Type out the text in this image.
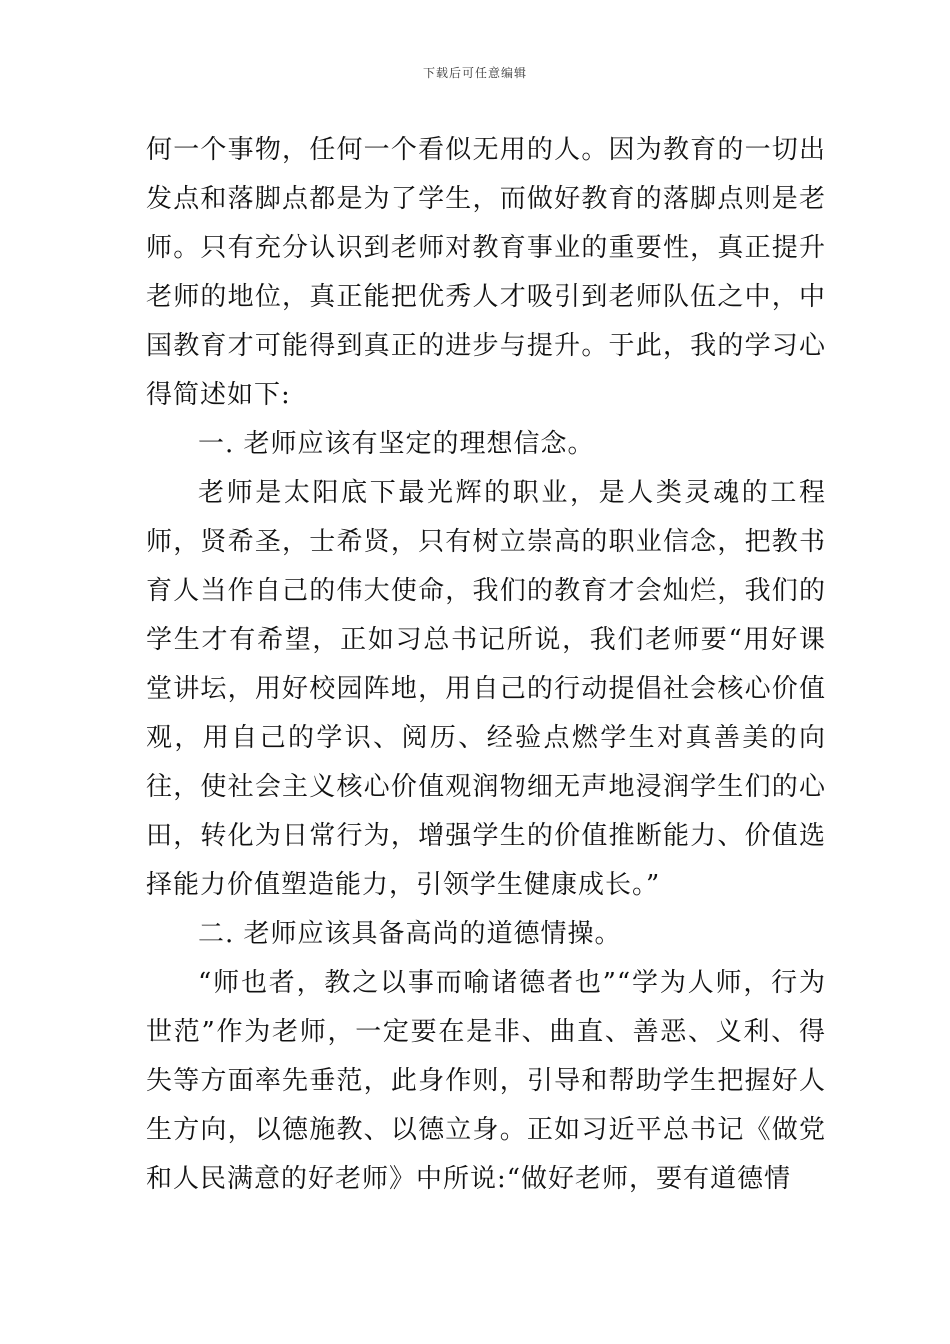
下载后可任意编辑

何一个事物，任何一个看似无用的人。因为教育的一切出发点和落脚点都是为了学生，而做好教育的落脚点则是老师。只有充分认识到老师对教育事业的重要性，真正提升老师的地位，真正能把优秀人才吸引到老师队伍之中，中国教育才可能得到真正的进步与提升。于此，我的学习心得简述如下:

一. 老师应该有坚定的理想信念。

老师是太阳底下最光辉的职业，是人类灵魂的工程师，贤希圣，士希贤，只有树立崇高的职业信念，把教书育人当作自己的伟大使命，我们的教育才会灿烂，我们的学生才有希望，正如习总书记所说，我们老师要“用好课堂讲坛，用好校园阵地，用自己的行动提倡社会核心价值观，用自己的学识、阅历、经验点燃学生对真善美的向往，使社会主义核心价值观润物细无声地浸润学生们的心田，转化为日常行为，增强学生的价值推断能力、价值选择能力价值塑造能力，引领学生健康成长。”

二. 老师应该具备高尚的道德情操。

“师也者，教之以事而喻诸德者也”“学为人师，行为世范”作为老师，一定要在是非、曲直、善恶、义利、得失等方面率先垂范，此身作则，引导和帮助学生把握好人生方向，以德施教、以德立身。正如习近平总书记《做党和人民满意的好老师》中所说:“做好老师，要有道德情
